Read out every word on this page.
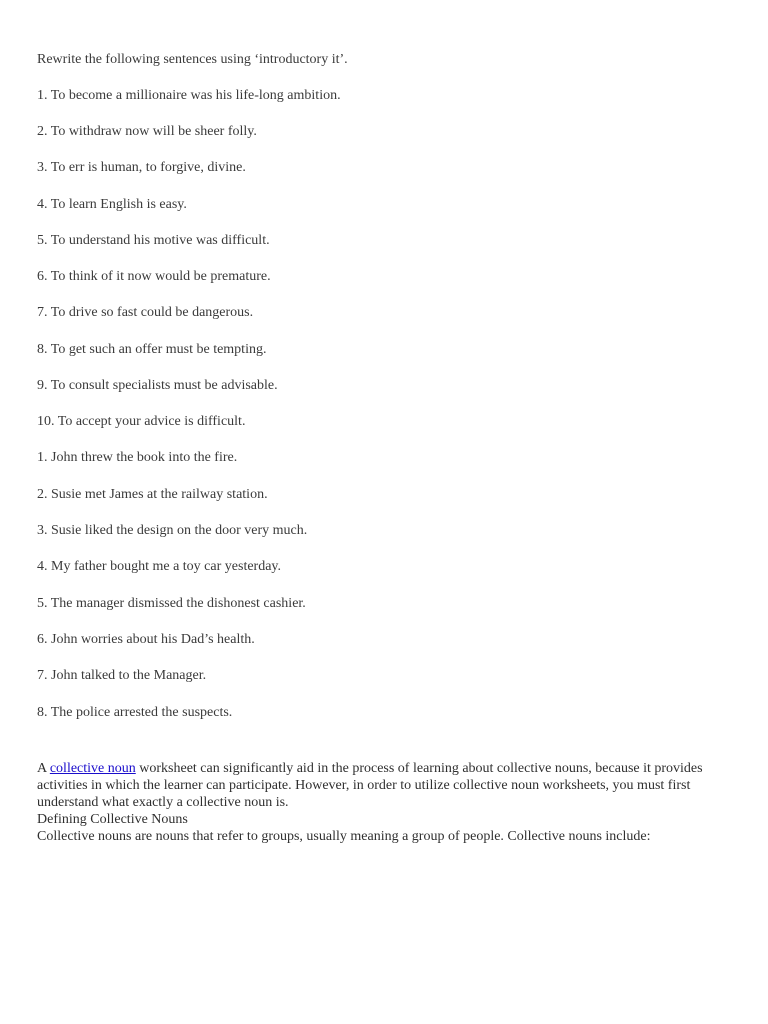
Rewrite the following sentences using ‘introductory it’.
1. To become a millionaire was his life-long ambition.
2. To withdraw now will be sheer folly.
3. To err is human, to forgive, divine.
4. To learn English is easy.
5. To understand his motive was difficult.
6. To think of it now would be premature.
7. To drive so fast could be dangerous.
8. To get such an offer must be tempting.
9. To consult specialists must be advisable.
10. To accept your advice is difficult.
1. John threw the book into the fire.
2. Susie met James at the railway station.
3. Susie liked the design on the door very much.
4. My father bought me a toy car yesterday.
5. The manager dismissed the dishonest cashier.
6. John worries about his Dad’s health.
7. John talked to the Manager.
8. The police arrested the suspects.
A collective noun worksheet can significantly aid in the process of learning about collective nouns, because it provides activities in which the learner can participate. However, in order to utilize collective noun worksheets, you must first understand what exactly a collective noun is.
Defining Collective Nouns
Collective nouns are nouns that refer to groups, usually meaning a group of people. Collective nouns include:
